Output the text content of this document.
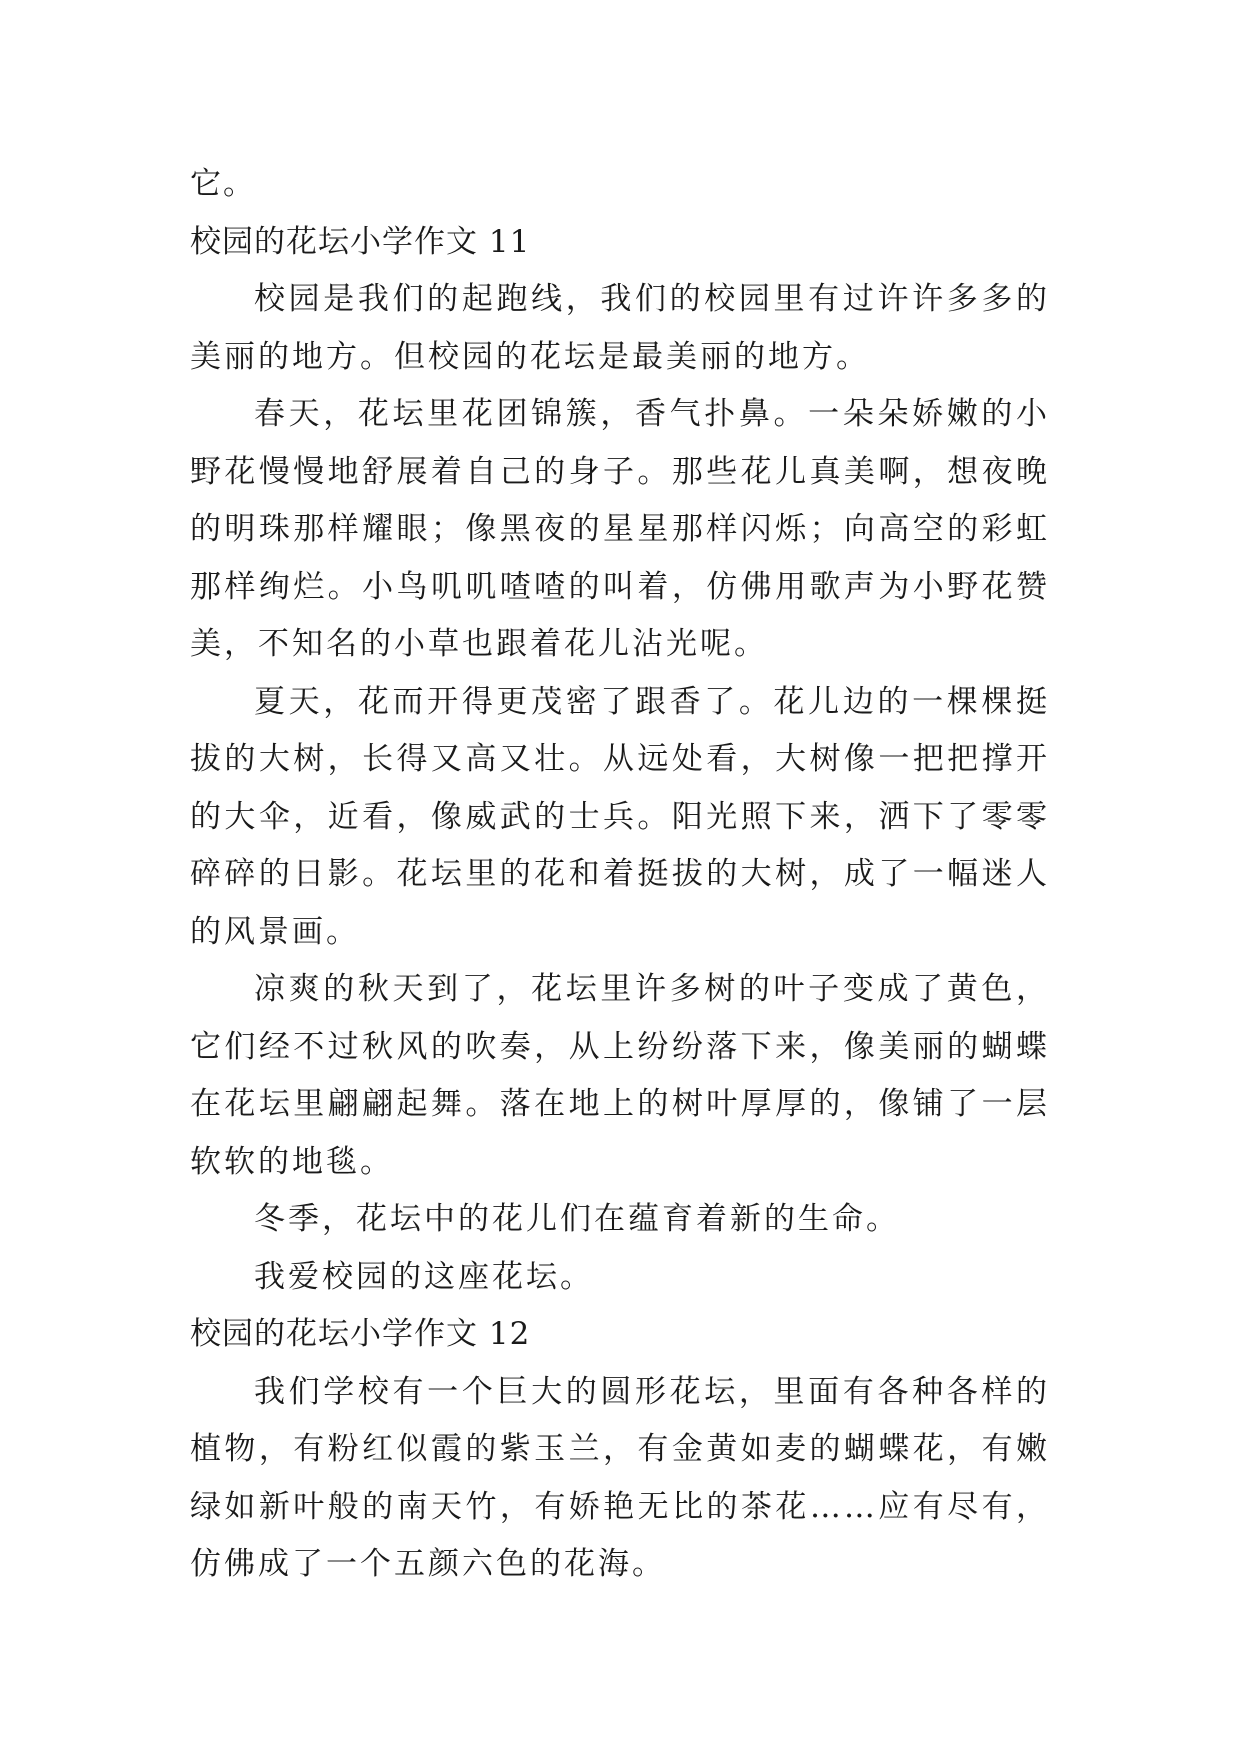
它。
校园的花坛小学作文 11

校园是我们的起跑线，我们的校园里有过许许多多的美丽的地方。但校园的花坛是最美丽的地方。

春天，花坛里花团锦簇，香气扑鼻。一朵朵娇嫩的小野花慢慢地舒展着自己的身子。那些花儿真美啊，想夜晚的明珠那样耀眼；像黑夜的星星那样闪烁；向高空的彩虹那样绚烂。小鸟叽叽喳喳的叫着，仿佛用歌声为小野花赞美，不知名的小草也跟着花儿沾光呢。

夏天，花而开得更茂密了跟香了。花儿边的一棵棵挺拔的大树，长得又高又壮。从远处看，大树像一把把撑开的大伞，近看，像威武的士兵。阳光照下来，洒下了零零碎碎的日影。花坛里的花和着挺拔的大树，成了一幅迷人的风景画。

凉爽的秋天到了，花坛里许多树的叶子变成了黄色，它们经不过秋风的吹奏，从上纷纷落下来，像美丽的蝴蝶在花坛里翩翩起舞。落在地上的树叶厚厚的，像铺了一层软软的地毯。

冬季，花坛中的花儿们在蕴育着新的生命。

我爱校园的这座花坛。

校园的花坛小学作文 12

我们学校有一个巨大的圆形花坛，里面有各种各样的植物，有粉红似霞的紫玉兰，有金黄如麦的蝴蝶花，有嫩绿如新叶般的南天竹，有娇艳无比的茶花……应有尽有，仿佛成了一个五颜六色的花海。
